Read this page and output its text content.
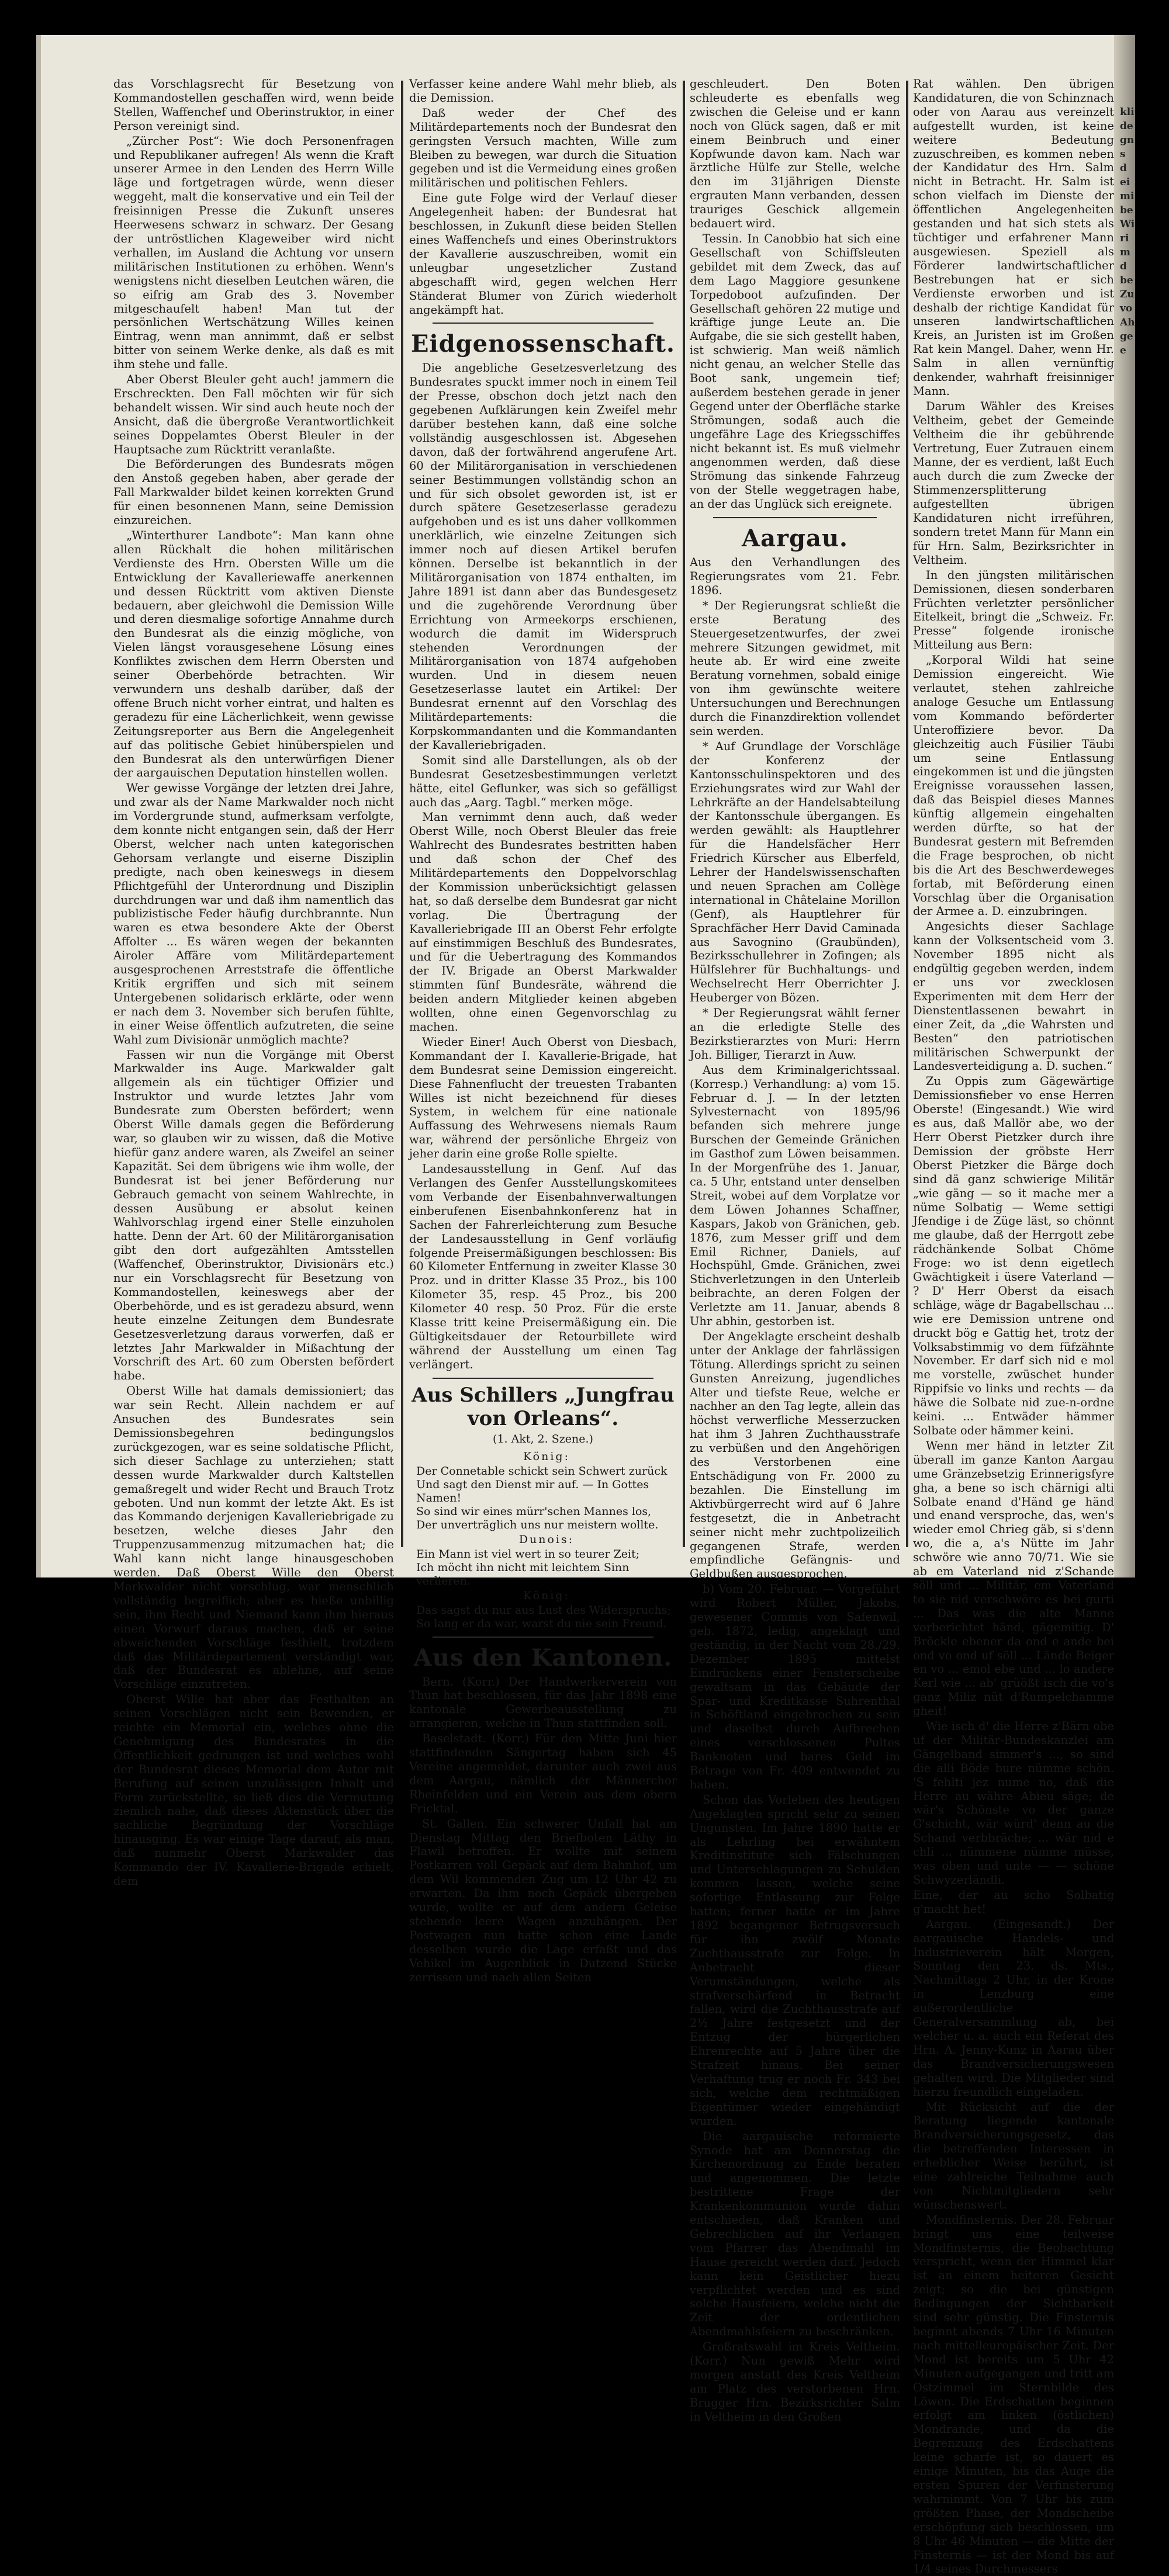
das Vorschlagsrecht für Besetzung von Kommandostellen geschaffen wird, wenn beide Stellen, Waffenchef und Oberinstruktor, in einer Person vereinigt sind.

„Zürcher Post“: Wie doch Personenfragen und Republikaner aufregen! Als wenn die Kraft unserer Armee in den Lenden des Herrn Wille läge und fortgetragen würde, wenn dieser weggeht, malt die konservative und ein Teil der freisinnigen Presse die Zukunft unseres Heerwesens schwarz in schwarz. Der Gesang der untröstlichen Klageweiber wird nicht verhallen, im Ausland die Achtung vor unsern militärischen Institutionen zu erhöhen. Wenn's wenigstens nicht dieselben Leutchen wären, die so eifrig am Grab des 3. November mitgeschaufelt haben! Man tut der persönlichen Wertschätzung Willes keinen Eintrag, wenn man annimmt, daß er selbst bitter von seinem Werke denke, als daß es mit ihm stehe und falle.

Aber Oberst Bleuler geht auch! jammern die Erschreckten. Den Fall möchten wir für sich behandelt wissen. Wir sind auch heute noch der Ansicht, daß die übergroße Verantwortlichkeit seines Doppelamtes Oberst Bleuler in der Hauptsache zum Rücktritt veranlaßte.

Die Beförderungen des Bundesrats mögen den Anstoß gegeben haben, aber gerade der Fall Markwalder bildet keinen korrekten Grund für einen besonnenen Mann, seine Demission einzureichen.

„Winterthurer Landbote“: Man kann ohne allen Rückhalt die hohen militärischen Verdienste des Hrn. Obersten Wille um die Entwicklung der Kavalleriewaffe anerkennen und dessen Rücktritt vom aktiven Dienste bedauern, aber gleichwohl die Demission Wille und deren diesmalige sofortige Annahme durch den Bundesrat als die einzig mögliche, von Vielen längst vorausgesehene Lösung eines Konfliktes zwischen dem Herrn Obersten und seiner Oberbehörde betrachten. Wir verwundern uns deshalb darüber, daß der offene Bruch nicht vorher eintrat, und halten es geradezu für eine Lächerlichkeit, wenn gewisse Zeitungsreporter aus Bern die Angelegenheit auf das politische Gebiet hinüberspielen und den Bundesrat als den unterwürfigen Diener der aargauischen Deputation hinstellen wollen.

Wer gewisse Vorgänge der letzten drei Jahre, und zwar als der Name Markwalder noch nicht im Vordergrunde stund, aufmerksam verfolgte, dem konnte nicht entgangen sein, daß der Herr Oberst, welcher nach unten kategorischen Gehorsam verlangte und eiserne Disziplin predigte, nach oben keineswegs in diesem Pflichtgefühl der Unterordnung und Disziplin durchdrungen war und daß ihm namentlich das publizistische Feder häufig durchbrannte. Nun waren es etwa besondere Akte der Oberst Affolter ... Es wären wegen der bekannten Airoler Affäre vom Militärdepartement ausgesprochenen Arreststrafe die öffentliche Kritik ergriffen und sich mit seinem Untergebenen solidarisch erklärte, oder wenn er nach dem 3. November sich berufen fühlte, in einer Weise öffentlich aufzutreten, die seine Wahl zum Divisionär unmöglich machte?

Fassen wir nun die Vorgänge mit Oberst Markwalder ins Auge. Markwalder galt allgemein als ein tüchtiger Offizier und Instruktor und wurde letztes Jahr vom Bundesrate zum Obersten befördert; wenn Oberst Wille damals gegen die Beförderung war, so glauben wir zu wissen, daß die Motive hiefür ganz andere waren, als Zweifel an seiner Kapazität. Sei dem übrigens wie ihm wolle, der Bundesrat ist bei jener Beförderung nur Gebrauch gemacht von seinem Wahlrechte, in dessen Ausübung er absolut keinen Wahlvorschlag irgend einer Stelle einzuholen hatte. Denn der Art. 60 der Militärorganisation gibt den dort aufgezählten Amtsstellen (Waffenchef, Oberinstruktor, Divisionärs etc.) nur ein Vorschlagsrecht für Besetzung von Kommandostellen, keineswegs aber der Oberbehörde, und es ist geradezu absurd, wenn heute einzelne Zeitungen dem Bundesrate Gesetzesverletzung daraus vorwerfen, daß er letztes Jahr Markwalder in Mißachtung der Vorschrift des Art. 60 zum Obersten befördert habe.

Oberst Wille hat damals demissioniert; das war sein Recht. Allein nachdem er auf Ansuchen des Bundesrates sein Demissionsbegehren bedingungslos zurückgezogen, war es seine soldatische Pflicht, sich dieser Sachlage zu unterziehen; statt dessen wurde Markwalder durch Kaltstellen gemaßregelt und wider Recht und Brauch Trotz geboten. Und nun kommt der letzte Akt. Es ist das Kommando derjenigen Kavalleriebrigade zu besetzen, welche dieses Jahr den Truppenzusammenzug mitzumachen hat; die Wahl kann nicht lange hinausgeschoben werden. Daß Oberst Wille den Oberst Markwalder nicht vorschlug, war menschlich vollständig begreiflich; aber es hieße unbillig sein, ihm Recht und Niemand kann ihm hieraus einen Vorwurf daraus machen, daß er seine abweichenden Vorschläge festhielt, trotzdem daß das Militärdepartement verständigt war, daß der Bundesrat es ablehne, auf seine Vorschläge einzutreten.

Oberst Wille hat aber das Festhalten an seinen Vorschlägen nicht sein Bewenden, er reichte ein Memorial ein, welches ohne die Genehmigung des Bundesrates in die Öffentlichkeit gedrungen ist und welches wohl der Bundesrat dieses Memorial dem Autor mit Berufung auf seinen unzulässigen Inhalt und Form zurückstellte, so ließ dies die Vermutung ziemlich nahe, daß dieses Aktenstück über die sachliche Begründung der Vorschläge hinausging. Es war einige Tage darauf, als man, daß nunmehr Oberst Markwalder das Kommando der IV. Kavallerie-Brigade erhielt, dem

Verfasser keine andere Wahl mehr blieb, als die Demission.

Daß weder der Chef des Militärdepartements noch der Bundesrat den geringsten Versuch machten, Wille zum Bleiben zu bewegen, war durch die Situation gegeben und ist die Vermeidung eines großen militärischen und politischen Fehlers.

Eine gute Folge wird der Verlauf dieser Angelegenheit haben: der Bundesrat hat beschlossen, in Zukunft diese beiden Stellen eines Waffenchefs und eines Oberinstruktors der Kavallerie auszuschreiben, womit ein unleugbar ungesetzlicher Zustand abgeschafft wird, gegen welchen Herr Ständerat Blumer von Zürich wiederholt angekämpft hat.

Eidgenossenschaft.

Die angebliche Gesetzesverletzung des Bundesrates spuckt immer noch in einem Teil der Presse, obschon doch jetzt nach den gegebenen Aufklärungen kein Zweifel mehr darüber bestehen kann, daß eine solche vollständig ausgeschlossen ist. Abgesehen davon, daß der fortwährend angerufene Art. 60 der Militärorganisation in verschiedenen seiner Bestimmungen vollständig schon an und für sich obsolet geworden ist, ist er durch spätere Gesetzeserlasse geradezu aufgehoben und es ist uns daher vollkommen unerklärlich, wie einzelne Zeitungen sich immer noch auf diesen Artikel berufen können. Derselbe ist bekanntlich in der Militärorganisation von 1874 enthalten, im Jahre 1891 ist dann aber das Bundesgesetz und die zugehörende Verordnung über Errichtung von Armeekorps erschienen, wodurch die damit im Widerspruch stehenden Verordnungen der Militärorganisation von 1874 aufgehoben wurden. Und in diesem neuen Gesetzeserlasse lautet ein Artikel: Der Bundesrat ernennt auf den Vorschlag des Militärdepartements: die Korpskommandanten und die Kommandanten der Kavalleriebrigaden.

Somit sind alle Darstellungen, als ob der Bundesrat Gesetzesbestimmungen verletzt hätte, eitel Geflunker, was sich so gefälligst auch das „Aarg. Tagbl.“ merken möge.

Man vernimmt denn auch, daß weder Oberst Wille, noch Oberst Bleuler das freie Wahlrecht des Bundesrates bestritten haben und daß schon der Chef des Militärdepartements den Doppelvorschlag der Kommission unberücksichtigt gelassen hat, so daß derselbe dem Bundesrat gar nicht vorlag. Die Übertragung der Kavalleriebrigade III an Oberst Fehr erfolgte auf einstimmigen Beschluß des Bundesrates, und für die Uebertragung des Kommandos der IV. Brigade an Oberst Markwalder stimmten fünf Bundesräte, während die beiden andern Mitglieder keinen abgeben wollten, ohne einen Gegenvorschlag zu machen.

Wieder Einer! Auch Oberst von Diesbach, Kommandant der I. Kavallerie-Brigade, hat dem Bundesrat seine Demission eingereicht. Diese Fahnenflucht der treuesten Trabanten Willes ist nicht bezeichnend für dieses System, in welchem für eine nationale Auffassung des Wehrwesens niemals Raum war, während der persönliche Ehrgeiz von jeher darin eine große Rolle spielte.

Landesausstellung in Genf. Auf das Verlangen des Genfer Ausstellungskomitees vom Verbande der Eisenbahnverwaltungen einberufenen Eisenbahnkonferenz hat in Sachen der Fahrerleichterung zum Besuche der Landesausstellung in Genf vorläufig folgende Preisermäßigungen beschlossen: Bis 60 Kilometer Entfernung in zweiter Klasse 30 Proz. und in dritter Klasse 35 Proz., bis 100 Kilometer 35, resp. 45 Proz., bis 200 Kilometer 40 resp. 50 Proz. Für die erste Klasse tritt keine Preisermäßigung ein. Die Gültigkeitsdauer der Retourbillete wird während der Ausstellung um einen Tag verlängert.

Aus Schillers „Jungfrau von Orleans“.
(1. Akt, 2. Szene.)
König:
Der Connetable schickt sein Schwert zurück
Und sagt den Dienst mir auf. — In Gottes Namen!
So sind wir eines mürr'schen Mannes los,
Der unverträglich uns nur meistern wollte.
Dunois:
Ein Mann ist viel wert in so teurer Zeit;
Ich möcht ihn nicht mit leichtem Sinn verlieren.
König:
Das sagst du nur aus Lust des Widerspruchs;
So lang er da war, warst du nie sein Freund.
Aus den Kantonen.

Bern. (Korr.) Der Handwerkerverein von Thun hat beschlossen, für das Jahr 1898 eine kantonale Gewerbeausstellung zu arrangieren, welche in Thun stattfinden soll.

Baselstadt. (Korr.) Für den Mitte Juni hier stattfindenden Sängertag haben sich 45 Vereine angemeldet, darunter auch zwei aus dem Aargau, nämlich der Männerchor Rheinfelden und ein Verein aus dem obern Fricktal.

St. Gallen. Ein schwerer Unfall hat am Dienstag Mittag den Briefboten Läthy in Flawil betroffen. Er wollte mit seinem Postkarren voll Gepäck auf dem Bahnhof, um dem Wil kommenden Zug um 12 Uhr 42 zu erwarten. Da ihm noch Gepäck übergeben wurde, wollte er auf dem andern Geleise stehende leere Wagen anzuhängen. Der Postwagen nun hatte schon eine Lande desselben wurde die Lage erfaßt und das Vehikel im Augenblick in Dutzend Stücke zerrissen und nach allen Seiten

geschleudert. Den Boten schleuderte es ebenfalls weg zwischen die Geleise und er kann noch von Glück sagen, daß er mit einem Beinbruch und einer Kopfwunde davon kam. Nach war ärztliche Hülfe zur Stelle, welche den im 31jährigen Dienste ergrauten Mann verbanden, dessen trauriges Geschick allgemein bedauert wird.

Tessin. In Canobbio hat sich eine Gesellschaft von Schiffsleuten gebildet mit dem Zweck, das auf dem Lago Maggiore gesunkene Torpedoboot aufzufinden. Der Gesellschaft gehören 22 mutige und kräftige junge Leute an. Die Aufgabe, die sie sich gestellt haben, ist schwierig. Man weiß nämlich nicht genau, an welcher Stelle das Boot sank, ungemein tief; außerdem bestehen gerade in jener Gegend unter der Oberfläche starke Strömungen, sodaß auch die ungefähre Lage des Kriegsschiffes nicht bekannt ist. Es muß vielmehr angenommen werden, daß diese Strömung das sinkende Fahrzeug von der Stelle weggetragen habe, an der das Unglück sich ereignete.

Aargau.

Aus den Verhandlungen des Regierungsrates vom 21. Febr. 1896.

* Der Regierungsrat schließt die erste Beratung des Steuergesetzentwurfes, der zwei mehrere Sitzungen gewidmet, mit heute ab. Er wird eine zweite Beratung vornehmen, sobald einige von ihm gewünschte weitere Untersuchungen und Berechnungen durch die Finanzdirektion vollendet sein werden.

* Auf Grundlage der Vorschläge der Konferenz der Kantonsschulinspektoren und des Erziehungsrates wird zur Wahl der Lehrkräfte an der Handelsabteilung der Kantonsschule übergangen. Es werden gewählt: als Hauptlehrer für die Handelsfächer Herr Friedrich Kürscher aus Elberfeld, Lehrer der Handelswissenschaften und neuen Sprachen am Collège international in Châtelaine Morillon (Genf), als Hauptlehrer für Sprachfächer Herr David Caminada aus Savognino (Graubünden), Bezirksschullehrer in Zofingen; als Hülfslehrer für Buchhaltungs- und Wechselrecht Herr Oberrichter J. Heuberger von Bözen.

* Der Regierungsrat wählt ferner an die erledigte Stelle des Bezirkstierarztes von Muri: Herrn Joh. Billiger, Tierarzt in Auw.

Aus dem Kriminalgerichtssaal. (Korresp.) Verhandlung: a) vom 15. Februar d. J. — In der letzten Sylvesternacht von 1895/96 befanden sich mehrere junge Burschen der Gemeinde Gränichen im Gasthof zum Löwen beisammen. In der Morgenfrühe des 1. Januar, ca. 5 Uhr, entstand unter denselben Streit, wobei auf dem Vorplatze vor dem Löwen Johannes Schaffner, Kaspars, Jakob von Gränichen, geb. 1876, zum Messer griff und dem Emil Richner, Daniels, auf Hochspühl, Gmde. Gränichen, zwei Stichverletzungen in den Unterleib beibrachte, an deren Folgen der Verletzte am 11. Januar, abends 8 Uhr abhin, gestorben ist.

Der Angeklagte erscheint deshalb unter der Anklage der fahrlässigen Tötung. Allerdings spricht zu seinen Gunsten Anreizung, jugendliches Alter und tiefste Reue, welche er nachher an den Tag legte, allein das höchst verwerfliche Messerzucken hat ihm 3 Jahren Zuchthausstrafe zu verbüßen und den Angehörigen des Verstorbenen eine Entschädigung von Fr. 2000 zu bezahlen. Die Einstellung im Aktivbürgerrecht wird auf 6 Jahre festgesetzt, die in Anbetracht seiner nicht mehr zuchtpolizeilich gegangenen Strafe, werden empfindliche Gefängnis- und Geldbußen ausgesprochen.

b) Vom 20. Februar. — Vorgeführt wird Robert Müller, Jakobs, gewesener Commis von Safenwil, geb. 1872, ledig, angeklagt und geständig, in der Nacht vom 28./29. Dezember 1895 mittelst Eindrückens einer Fensterscheibe gewaltsam in das Gebäude der Spar- und Kreditkasse Suhrenthal in Schöftland eingebrochen zu sein und daselbst durch Aufbrechen eines verschlossenen Pultes Banknoten und bares Geld im Betrage von Fr. 409 entwendet zu haben.

Schon das Vorleben des heutigen Angeklagten spricht sehr zu seinen Ungunsten. Im Jahre 1890 hatte er als Lehrling bei erwähntem Kreditinstitute sich Fälschungen und Unterschlagungen zu Schulden kommen lassen, welche seine sofortige Entlassung zur Folge hatten; ferner hatte er im Jahre 1892 begangener Betrugsversuch für ihn zwölf Monate Zuchthausstrafe zur Folge. In Anbetracht dieser Verumständungen, welche als strafverschärfend in Betracht fallen, wird die Zuchthausstrafe auf 2½ Jahre festgesetzt und der Entzug der bürgerlichen Ehrenrechte auf 5 Jahre über die Strafzeit hinaus. Bei seiner Verhaftung trug er noch Fr. 343 bei sich, welche dem rechtmäßigen Eigentümer wieder eingehändigt wurden.

Die aargauische reformierte Synode hat am Donnerstag die Kirchenordnung zu Ende beraten und angenommen. Die letzte bestrittene Frage der Krankenkommunion wurde dahin entschieden, daß Kranken und Gebrechlichen auf ihr Verlangen vom Pfarrer das Abendmahl im Hause gereicht werden darf. Jedoch kann kein Geistlicher hiezu verpflichtet werden und es sind solche Hausfeiern, welche nicht die Zeit der ordentlichen Abendmahlsfeiern zu beschränken.

Großratswahl im Kreis Veltheim. (Korr.) Nun gewiß Mehr wird morgen anstatt des Kreis Veltheim am Platz des verstorbenen Hrn. Brugger Hrn. Bezirksrichter Salm in Veltheim in den Großen

Rat wählen. Den übrigen Kandidaturen, die von Schinznach oder von Aarau aus vereinzelt aufgestellt wurden, ist keine weitere Bedeutung zuzuschreiben, es kommen neben der Kandidatur des Hrn. Salm nicht in Betracht. Hr. Salm ist schon vielfach im Dienste der öffentlichen Angelegenheiten gestanden und hat sich stets als tüchtiger und erfahrener Mann ausgewiesen. Speziell als Förderer landwirtschaftlicher Bestrebungen hat er sich Verdienste erworben und ist deshalb der richtige Kandidat für unseren landwirtschaftlichen Kreis, an Juristen ist im Großen Rat kein Mangel. Daher, wenn Hr. Salm in allen vernünftig denkender, wahrhaft freisinniger Mann.

Darum Wähler des Kreises Veltheim, gebet der Gemeinde Veltheim die ihr gebührende Vertretung, Euer Zutrauen einem Manne, der es verdient, laßt Euch auch durch die zum Zwecke der Stimmenzersplitterung aufgestellten übrigen Kandidaturen nicht irreführen, sondern tretet Mann für Mann ein für Hrn. Salm, Bezirksrichter in Veltheim.

In den jüngsten militärischen Demissionen, diesen sonderbaren Früchten verletzter persönlicher Eitelkeit, bringt die „Schweiz. Fr. Presse“ folgende ironische Mitteilung aus Bern:

„Korporal Wildi hat seine Demission eingereicht. Wie verlautet, stehen zahlreiche analoge Gesuche um Entlassung vom Kommando beförderter Unteroffiziere bevor. Da gleichzeitig auch Füsilier Täubi um seine Entlassung eingekommen ist und die jüngsten Ereignisse voraussehen lassen, daß das Beispiel dieses Mannes künftig allgemein eingehalten werden dürfte, so hat der Bundesrat gestern mit Befremden die Frage besprochen, ob nicht bis die Art des Beschwerdeweges fortab, mit Beförderung einen Vorschlag über die Organisation der Armee a. D. einzubringen.

Angesichts dieser Sachlage kann der Volksentscheid vom 3. November 1895 nicht als endgültig gegeben werden, indem er uns vor zwecklosen Experimenten mit dem Herr der Dienstentlassenen bewahrt in einer Zeit, da „die Wahrsten und Besten“ den patriotischen militärischen Schwerpunkt der Landesverteidigung a. D. suchen.“

Zu Oppis zum Gägewärtige Demissionsfieber vo ense Herren Oberste! (Eingesandt.) Wie wird es aus, daß Mallör abe, wo der Herr Oberst Pietzker durch ihre Demission der gröbste Herr Oberst Pietzker die Bärge doch sind dä ganz schwierige Militär „wie gäng — so it mache mer a nüme Solbatig — Weme settigi Jfendige i de Züge läst, so chönnt me glaube, daß der Herrgott zebe rädchänkende Solbat Chöme Froge: wo ist denn eigetlech Gwächtigkeit i üsere Vaterland — ? D' Herr Oberst da eisach schläge, wäge dr Bagabellschau ... wie ere Demission untrene ond druckt bög e Gattig het, trotz der Volksabstimmig vo dem füfzähnte November. Er darf sich nid e mol me vorstelle, zwüschet hunder Rippifsie vo links und rechts — da häwe die Solbate nid zue-n-ordne keini. ... Entwäder hämmer Solbate oder hämmer keini.

Wenn mer händ in letzter Zit überall im ganze Kanton Aargau ume Gränzebsetzig Erinnerigsfyre gha, a bene so isch chärnigi alti Solbate enand d'Händ ge händ und enand versproche, das, wen's wieder emol Chrieg gäb, si s'denn wo, die a, a's Nütte im Jahr schwöre wie anno 70/71. Wie sie ab em Vaterland nid z'Schande söll und ... Militär, em Vaterland to sie nid verschwöre es bei gurti ... Das was die alte Manne vorberichtet händ, gägemitig. D' Bröckle ebener da ond e ande bei ond vo ond uf söll ... Lände Beiger en vo ... emol ebe und ... lo andere Kerl wie ... ab' grüößt isch die vo's ganz Miliz nüt d'Rumpelchamme gheit!

Wie isch d' die Herre z'Bärn obe uf der Militär-Bundeskanzlei am Gängelband simmer's ..., so sind die alli Böde bure nümme schön. 'S fehlti jez nume no, daß die Herre au währe Abieu säge; de wär's Schönste vo der ganze G'schicht, wär würd' denn au die Schand verbbräche; ... wär nid e chli ... nümmene nümme müsse, was oben und unte — — schöne Schwyzerländli.

Eine, der au scho Solbatig g'macht het!

Aargau. (Eingesandt.) Der aargauische Handels- und Industrieverein hält Morgen, Sonntag den 23. ds. Mts., Nachmittags 2 Uhr, in der Krone in Lenzburg eine außerordentliche Generalversammlung ab, bei welcher u. a. auch ein Referat des Hrn. A. Jenny-Kunz in Aarau über das Brandversicherungswesen gehalten wird. Die Mitglieder sind hierzu freundlich eingeladen.

Mit Rücksicht auf die der Beratung liegende kantonale Brandversicherungsgesetz, das die betreffenden Interessen in erheblicher Weise berührt, ist eine zahlreiche Teilnahme auch von Nichtmitgliedern sehr wünschenswert.

Mondfinsternis. Der 28. Februar bringt uns eine teilweise Mondfinsternis, die Beobachtung verspricht, wenn der Himmel klar ist an einem heiteren Gesicht zeigt; so die bei günstigen Bedingungen der Sichtbarkeit sind sehr günstig. Die Finsternis beginnt abends 7 Uhr 16 Minuten nach mittelleuropäischer Zeit. Der Mond ist bereits um 5 Uhr 42 Minuten aufgegangen und tritt am Ostzimmel im Sternbilde des Löwen. Die Erdschatten beginnen erfolgt am linken (östlichen) Mondrande, und da die Begrenzung des Erdschattens keine scharfe ist, so dauert es einige Minuten, bis das Auge die ersten Spuren der Verfinsterung wahrnimmt. Von 7 Uhr bis zum größten Phase, der Mondscheibe erschöpfung sich beschlossen, um 8 Uhr 46 Minuten — die Mitte der Finsternis — ist der Mond bis auf 1/4 seines Durchmessers

kli de gn s d ei mi be Wi ri m d be Zu vo Ah ge e
